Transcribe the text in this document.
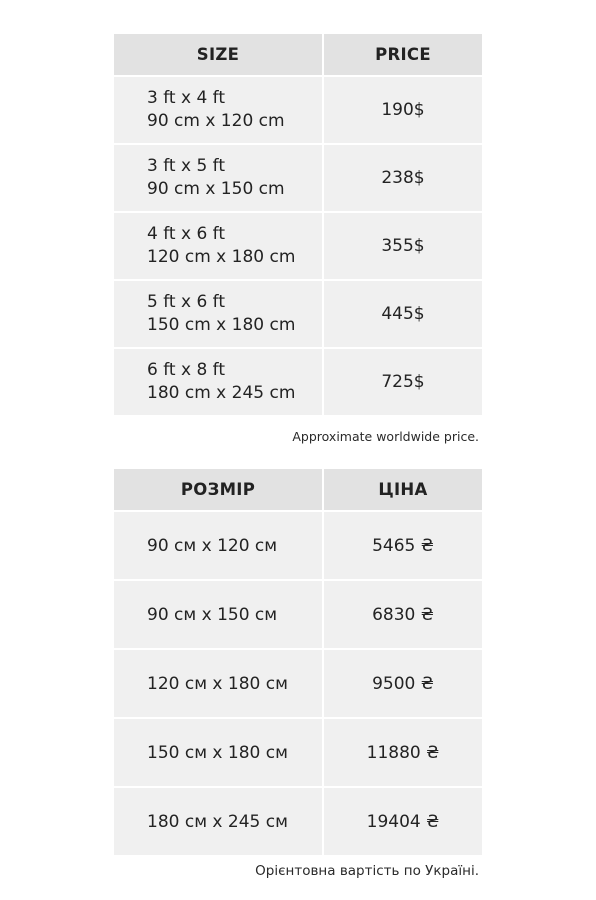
SIZE	PRICE

3 ft x 4 ft
90 cm x 120 cm	190$

3 ft x 5 ft
90 cm x 150 cm	238$

4 ft x 6 ft
120 cm x 180 cm	355$

5 ft x 6 ft
150 cm x 180 cm	445$

6 ft x 8 ft
180 cm x 245 cm	725$
Approximate worldwide price.
РОЗМІР	ЦІНА
90 см х 120 см	5465 ₴
90 см х 150 см	6830 ₴
120 см х 180 см	9500 ₴
150 см х 180 см	11880 ₴
180 см х 245 см	19404 ₴
Орієнтовна вартість по Україні.
